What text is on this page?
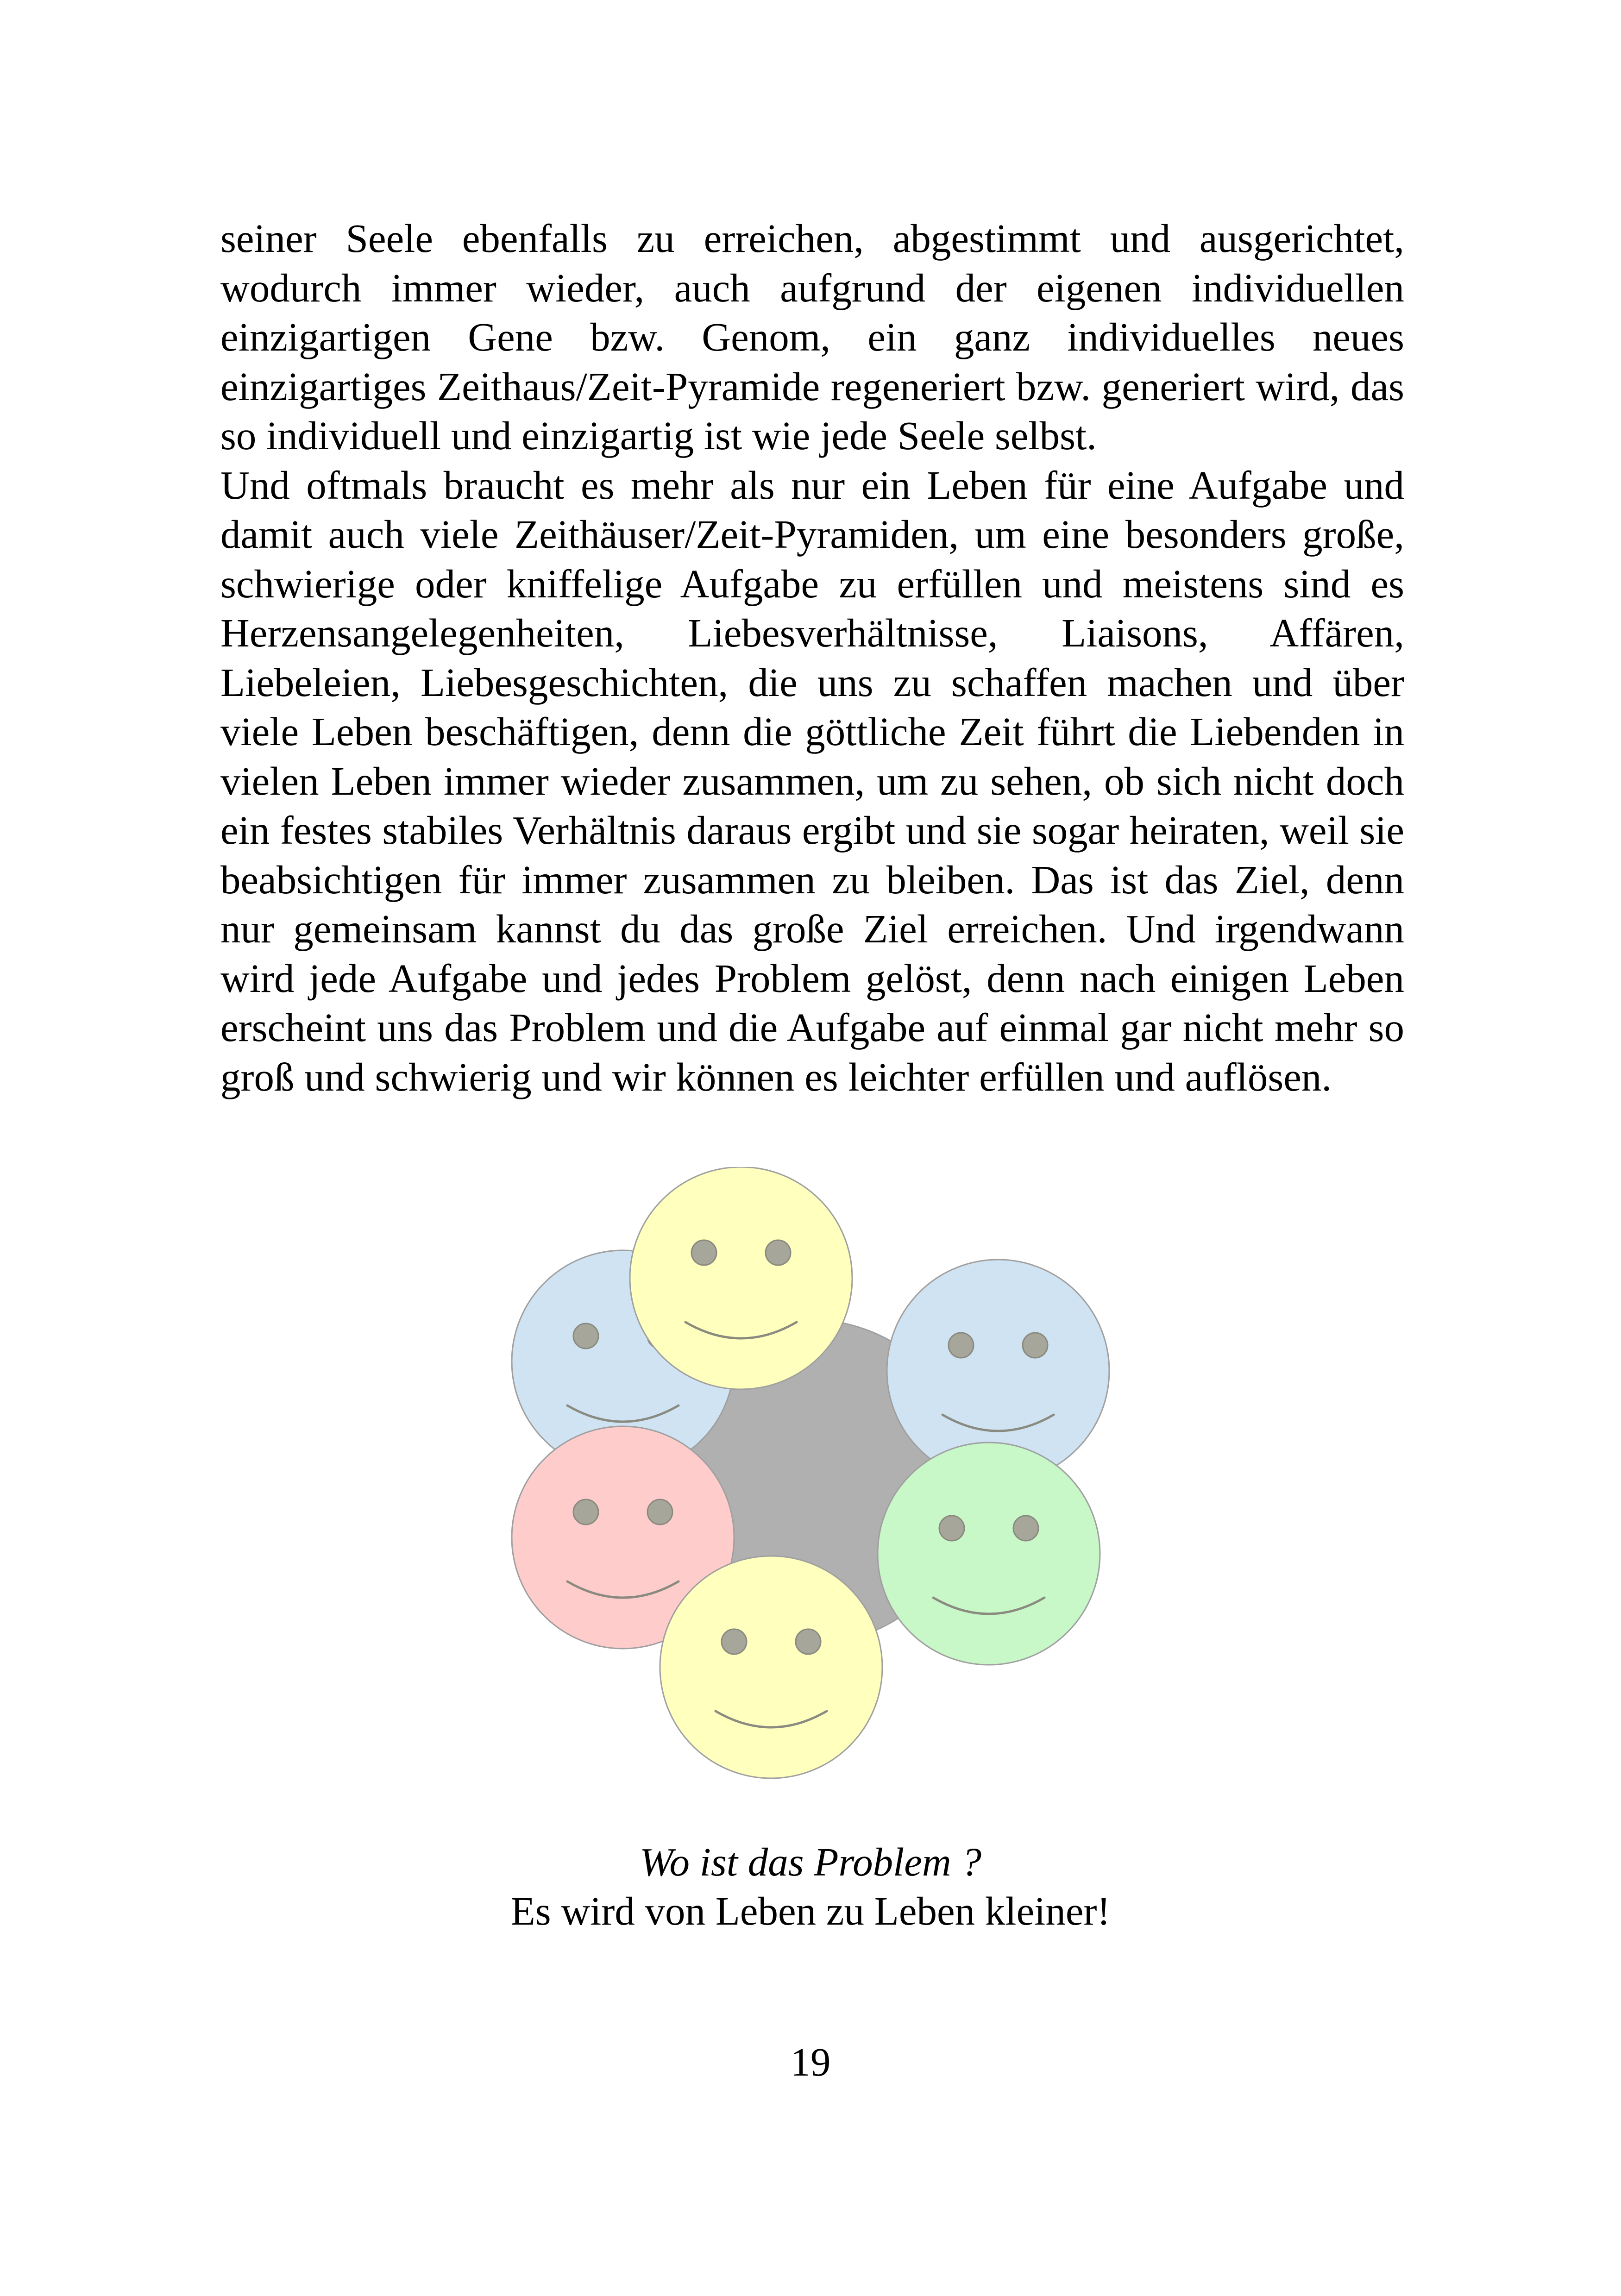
seiner Seele ebenfalls zu erreichen, abgestimmt und ausgerichtet, wodurch immer wieder, auch aufgrund der eigenen individuellen einzigartigen Gene bzw. Genom, ein ganz individuelles neues einzigartiges Zeithaus/Zeit-Pyramide regeneriert bzw. generiert wird, das so individuell und einzigartig ist wie jede Seele selbst.

Und oftmals braucht es mehr als nur ein Leben für eine Aufgabe und damit auch viele Zeithäuser/Zeit-Pyramiden, um eine besonders große, schwierige oder kniffelige Aufgabe zu erfüllen und meistens sind es Herzensangelegenheiten, Liebesverhältnisse, Liaisons, Affären, Liebeleien, Liebesgeschichten, die uns zu schaffen machen und über viele Leben beschäftigen, denn die göttliche Zeit führt die Liebenden in vielen Leben immer wieder zusammen, um zu sehen, ob sich nicht doch ein festes stabiles Verhältnis daraus ergibt und sie sogar heiraten, weil sie beabsichtigen für immer zusammen zu bleiben. Das ist das Ziel, denn nur gemeinsam kannst du das große Ziel erreichen. Und irgendwann wird jede Aufgabe und jedes Problem gelöst, denn nach einigen Leben erscheint uns das Problem und die Aufgabe auf einmal gar nicht mehr so groß und schwierig und wir können es leichter erfüllen und auflösen.

Wo ist das Problem ?
Es wird von Leben zu Leben kleiner!
19
